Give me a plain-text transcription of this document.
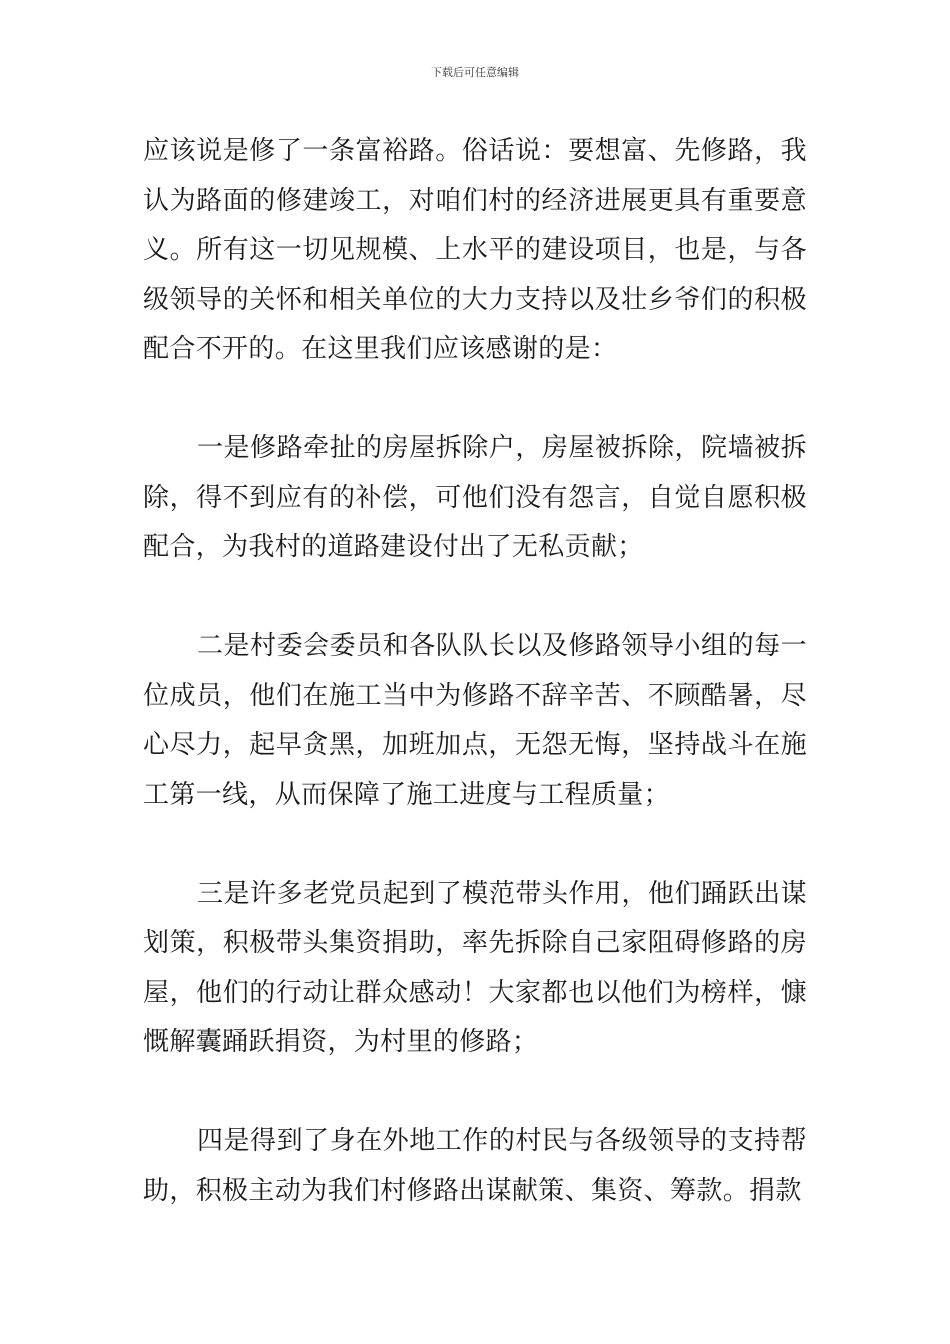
下载后可任意编辑

应该说是修了一条富裕路。俗话说：要想富、先修路，我认为路面的修建竣工，对咱们村的经济进展更具有重要意义。所有这一切见规模、上水平的建设项目，也是，与各级领导的关怀和相关单位的大力支持以及壮乡爷们的积极配合不开的。在这里我们应该感谢的是：

一是修路牵扯的房屋拆除户，房屋被拆除，院墙被拆除，得不到应有的补偿，可他们没有怨言，自觉自愿积极配合，为我村的道路建设付出了无私贡献；

二是村委会委员和各队队长以及修路领导小组的每一位成员，他们在施工当中为修路不辞辛苦、不顾酷暑，尽心尽力，起早贪黑，加班加点，无怨无悔，坚持战斗在施工第一线，从而保障了施工进度与工程质量；

三是许多老党员起到了模范带头作用，他们踊跃出谋划策，积极带头集资捐助，率先拆除自己家阻碍修路的房屋，他们的行动让群众感动！大家都也以他们为榜样，慷慨解囊踊跃捐资，为村里的修路；

四是得到了身在外地工作的村民与各级领导的支持帮助，积极主动为我们村修路出谋献策、集资、筹款。捐款
